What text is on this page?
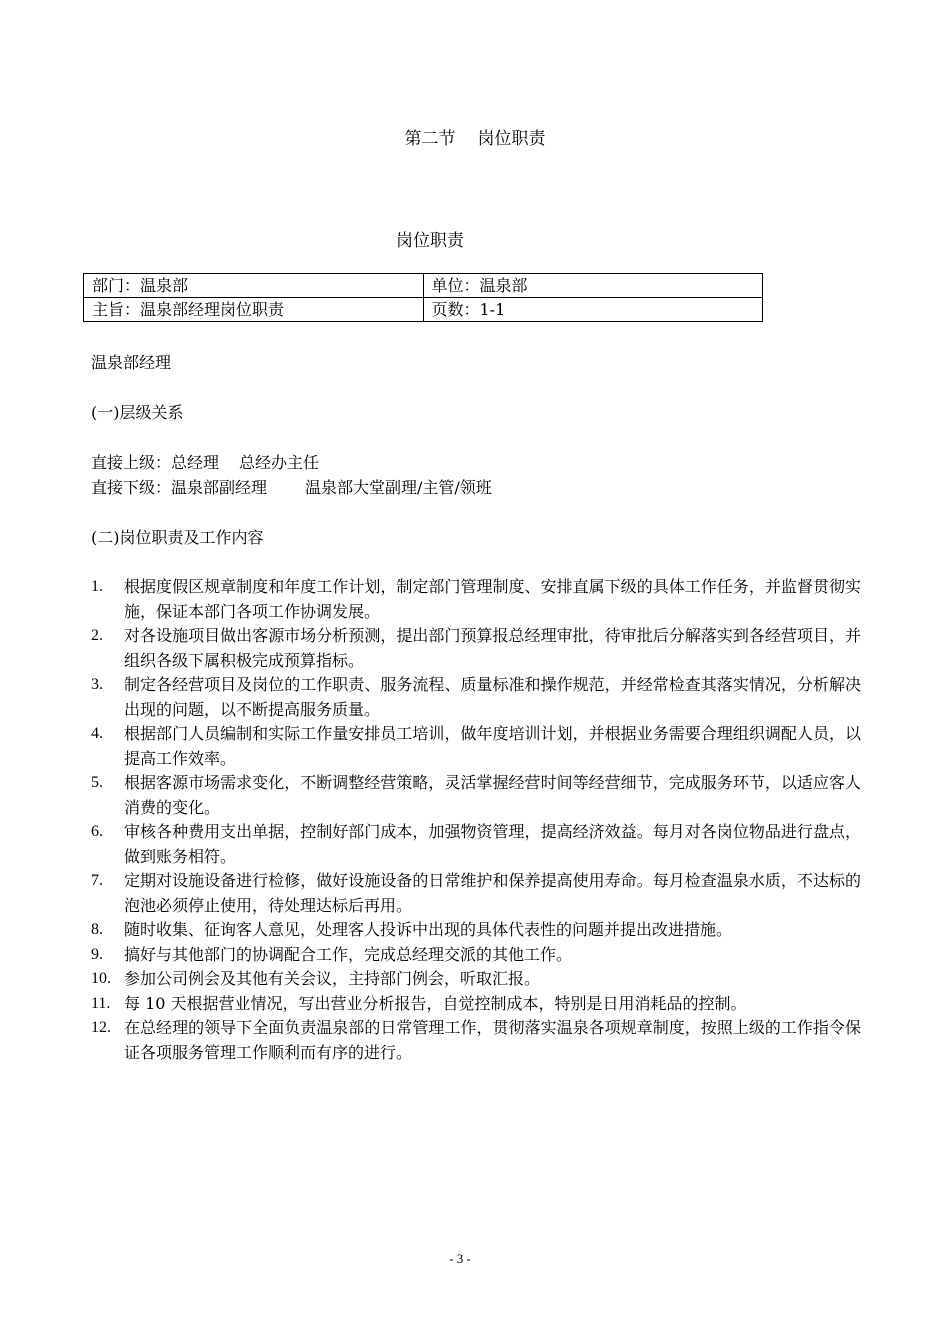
第二节 岗位职责
岗位职责
部门：温泉部	单位：温泉部
主旨：温泉部经理岗位职责	页数：1-1
温泉部经理
(一)层级关系
直接上级：总经理 总经办主任
直接下级：温泉部副经理 温泉部大堂副理/主管/领班
(二)岗位职责及工作内容
1. 根据度假区规章制度和年度工作计划，制定部门管理制度、安排直属下级的具体工作任务，并监督贯彻实施，保证本部门各项工作协调发展。
2. 对各设施项目做出客源市场分析预测，提出部门预算报总经理审批，待审批后分解落实到各经营项目，并组织各级下属积极完成预算指标。
3. 制定各经营项目及岗位的工作职责、服务流程、质量标准和操作规范，并经常检查其落实情况，分析解决出现的问题，以不断提高服务质量。
4. 根据部门人员编制和实际工作量安排员工培训，做年度培训计划，并根据业务需要合理组织调配人员，以提高工作效率。
5. 根据客源市场需求变化，不断调整经营策略，灵活掌握经营时间等经营细节，完成服务环节，以适应客人消费的变化。
6. 审核各种费用支出单据，控制好部门成本，加强物资管理，提高经济效益。每月对各岗位物品进行盘点，做到账务相符。
7. 定期对设施设备进行检修，做好设施设备的日常维护和保养提高使用寿命。每月检查温泉水质，不达标的泡池必须停止使用，待处理达标后再用。
8. 随时收集、征询客人意见，处理客人投诉中出现的具体代表性的问题并提出改进措施。
9. 搞好与其他部门的协调配合工作，完成总经理交派的其他工作。
10. 参加公司例会及其他有关会议，主持部门例会，听取汇报。
11. 每 10 天根据营业情况，写出营业分析报告，自觉控制成本，特别是日用消耗品的控制。
12. 在总经理的领导下全面负责温泉部的日常管理工作，贯彻落实温泉各项规章制度，按照上级的工作指令保证各项服务管理工作顺利而有序的进行。
- 3 -
